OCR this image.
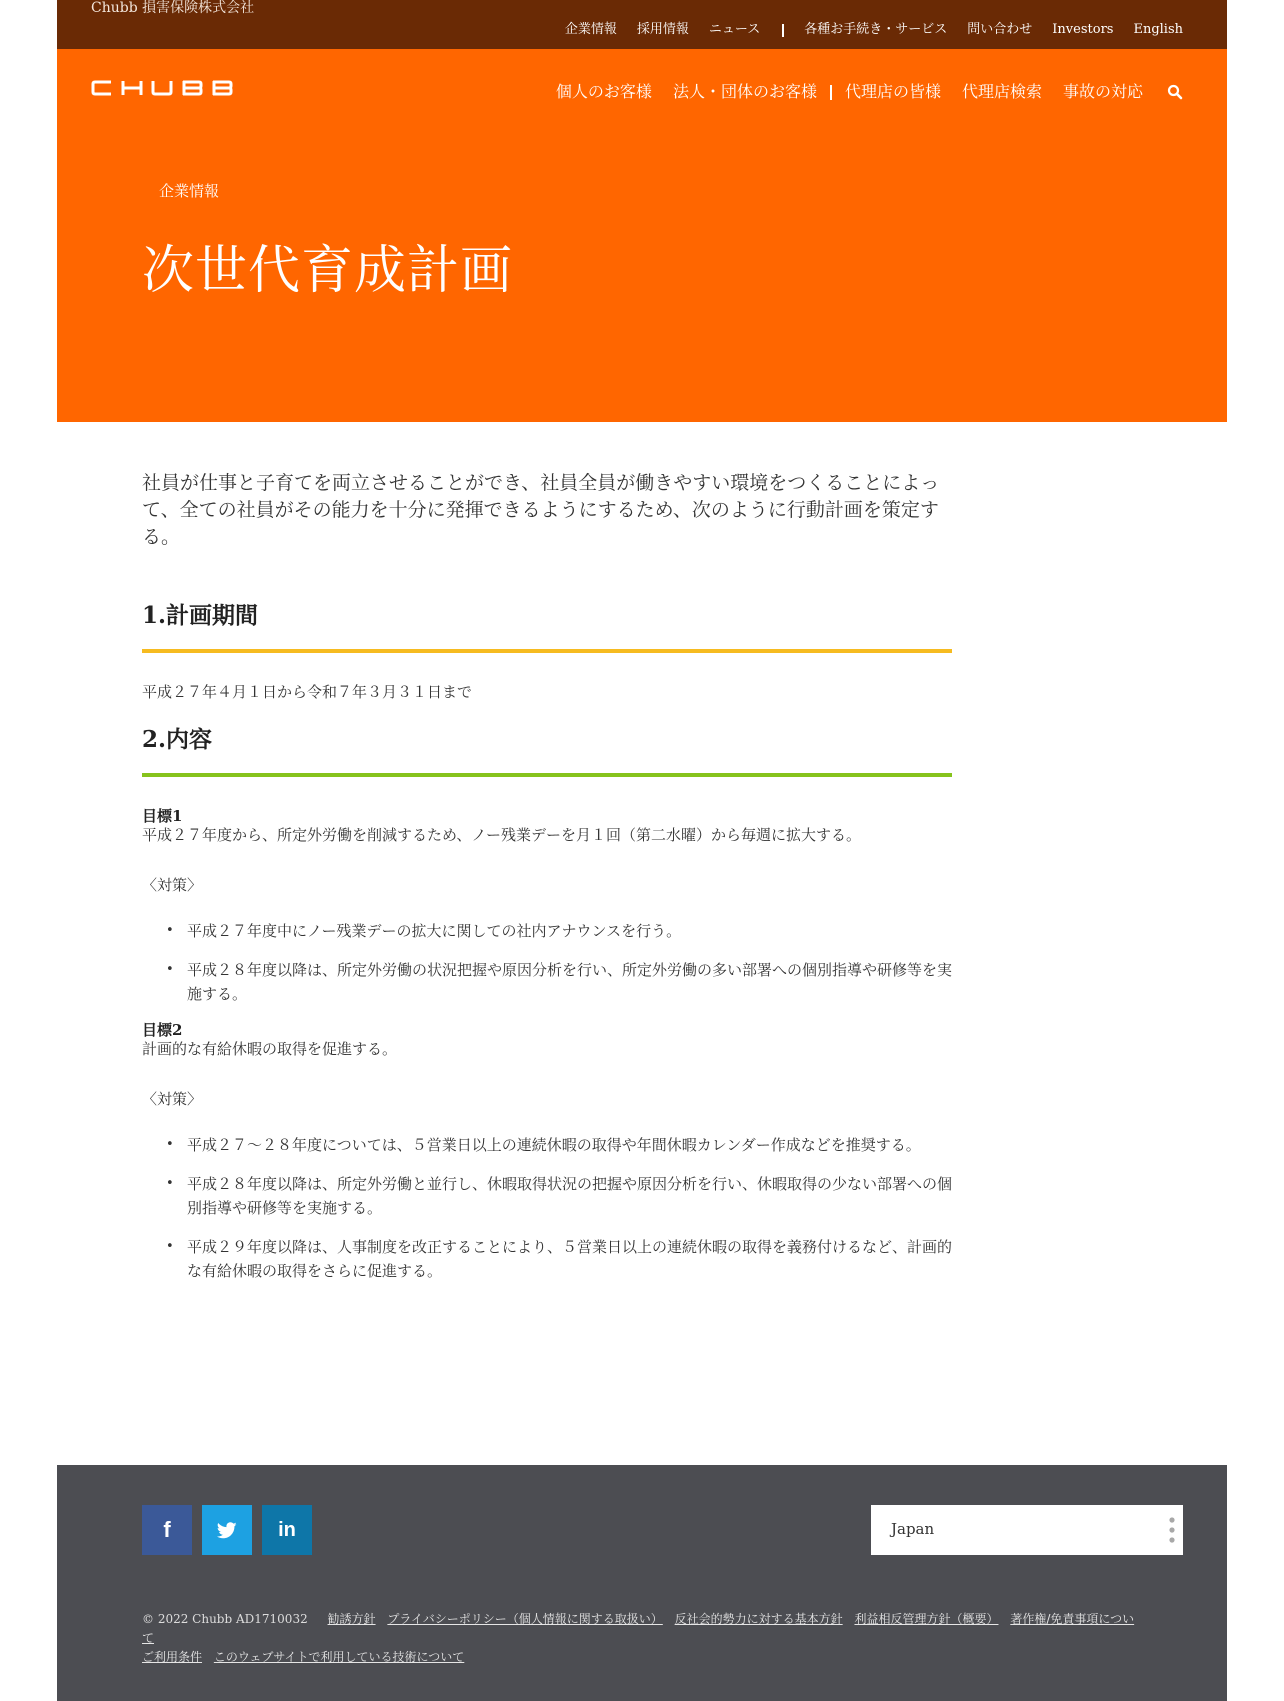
Chubb 損害保険株式会社
企業情報 採用情報 ニュース	各種お手続き・サービス 問い合わせ Investors English
個人のお客様 法人・団体のお客様 代理店の皆様 代理店検索 事故の対応
企業情報
次世代育成計画

社員が仕事と子育てを両立させることができ、社員全員が働きやすい環境をつくることによって、全ての社員がその能力を十分に発揮できるようにするため、次のように行動計画を策定する。

1.計画期間

平成２７年４月１日から令和７年３月３１日まで

2.内容
目標1

平成２７年度から、所定外労働を削減するため、ノー残業デーを月１回（第二水曜）から毎週に拡大する。

〈対策〉

• 平成２７年度中にノー残業デーの拡大に関しての社内アナウンスを行う。
• 平成２８年度以降は、所定外労働の状況把握や原因分析を行い、所定外労働の多い部署への個別指導や研修等を実施する。
目標2

計画的な有給休暇の取得を促進する。

〈対策〉

• 平成２７～２８年度については、５営業日以上の連続休暇の取得や年間休暇カレンダー作成などを推奨する。
• 平成２８年度以降は、所定外労働と並行し、休暇取得状況の把握や原因分析を行い、休暇取得の少ない部署への個別指導や研修等を実施する。
• 平成２９年度以降は、人事制度を改正することにより、５営業日以上の連続休暇の取得を義務付けるなど、計画的な有給休暇の取得をさらに促進する。
f	in	Japan
© 2022 Chubb AD1710032 勧誘方針 プライバシーポリシー（個人情報に関する取扱い） 反社会的勢力に対する基本方針 利益相反管理方針（概要） 著作権/免責事項について
ご利用条件 このウェブサイトで利用している技術について
